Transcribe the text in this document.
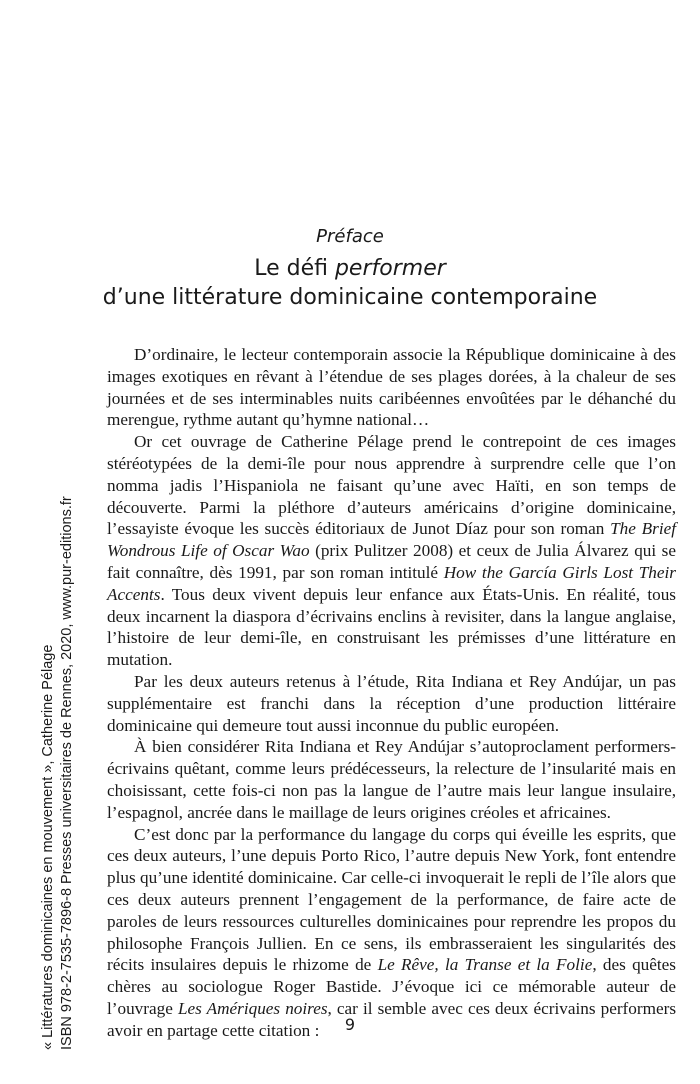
Préface
Le défi performer
d’une littérature dominicaine contemporaine

D’ordinaire, le lecteur contemporain associe la République dominicaine à des images exotiques en rêvant à l’étendue de ses plages dorées, à la chaleur de ses journées et de ses interminables nuits caribéennes envoûtées par le déhanché du merengue, rythme autant qu’hymne national…

Or cet ouvrage de Catherine Pélage prend le contrepoint de ces images stéréotypées de la demi-île pour nous apprendre à surprendre celle que l’on nomma jadis l’Hispaniola ne faisant qu’une avec Haïti, en son temps de découverte. Parmi la pléthore d’auteurs américains d’origine dominicaine, l’essayiste évoque les succès éditoriaux de Junot Díaz pour son roman The Brief Wondrous Life of Oscar Wao (prix Pulitzer 2008) et ceux de Julia Álvarez qui se fait connaître, dès 1991, par son roman intitulé How the García Girls Lost Their Accents. Tous deux vivent depuis leur enfance aux États-Unis. En réalité, tous deux incarnent la diaspora d’écrivains enclins à revisiter, dans la langue anglaise, l’histoire de leur demi-île, en construisant les prémisses d’une littérature en mutation.

Par les deux auteurs retenus à l’étude, Rita Indiana et Rey Andújar, un pas supplémentaire est franchi dans la réception d’une production littéraire dominicaine qui demeure tout aussi inconnue du public européen.

À bien considérer Rita Indiana et Rey Andújar s’autoproclament performers-écrivains quêtant, comme leurs prédécesseurs, la relecture de l’insularité mais en choisissant, cette fois-ci non pas la langue de l’autre mais leur langue insulaire, l’espagnol, ancrée dans le maillage de leurs origines créoles et africaines.

C’est donc par la performance du langage du corps qui éveille les esprits, que ces deux auteurs, l’une depuis Porto Rico, l’autre depuis New York, font entendre plus qu’une identité dominicaine. Car celle-ci invoquerait le repli de l’île alors que ces deux auteurs prennent l’engagement de la performance, de faire acte de paroles de leurs ressources culturelles dominicaines pour reprendre les propos du philosophe François Jullien. En ce sens, ils embrasseraient les singularités des récits insulaires depuis le rhizome de Le Rêve, la Transe et la Folie, des quêtes chères au sociologue Roger Bastide. J’évoque ici ce mémorable auteur de l’ouvrage Les Amériques noires, car il semble avec ces deux écrivains performers avoir en partage cette citation :	9
« Littératures dominicaines en mouvement », Catherine Pélage ISBN 978-2-7535-7896-8 Presses universitaires de Rennes, 2020, www.pur-editions.fr
